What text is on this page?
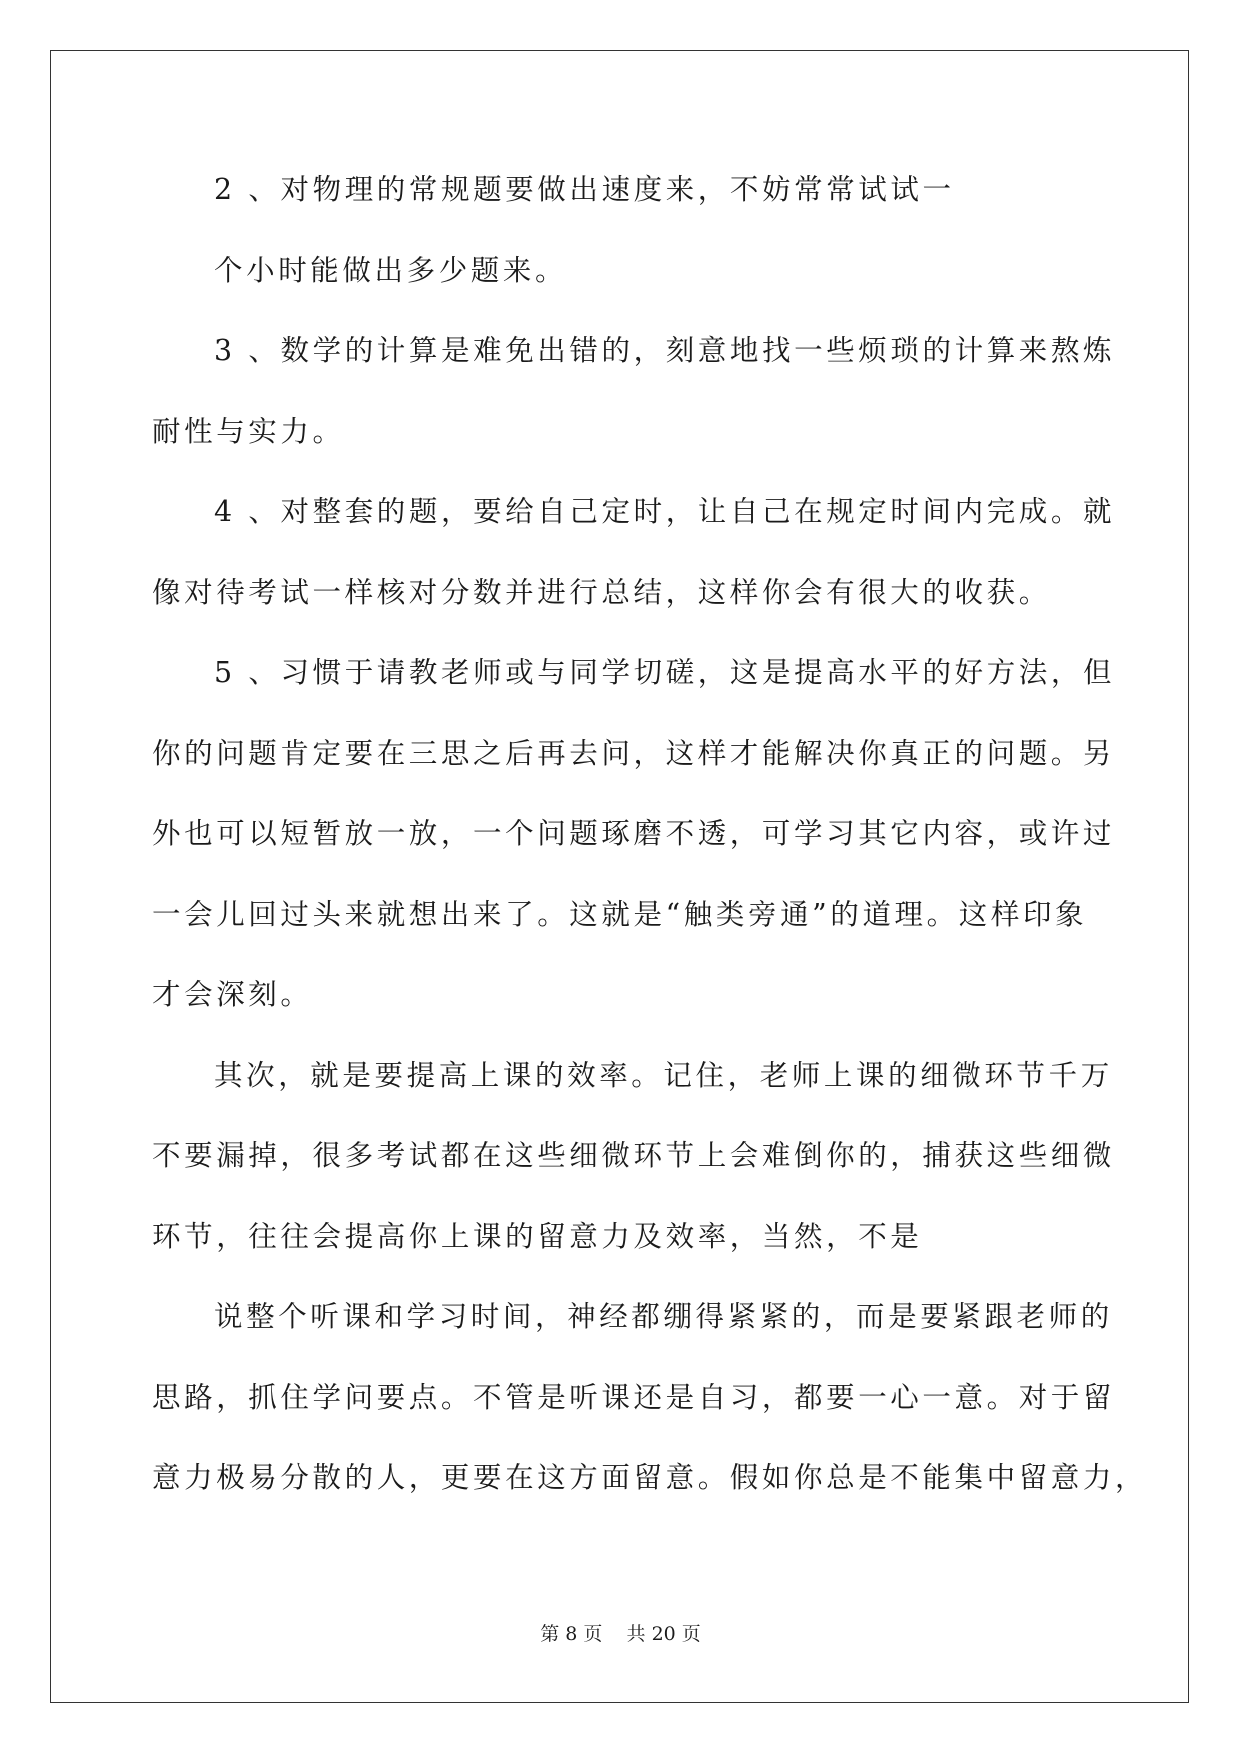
2 、对物理的常规题要做出速度来，不妨常常试试一
个小时能做出多少题来。
3 、数学的计算是难免出错的，刻意地找一些烦琐的计算来熬炼
耐性与实力。
4 、对整套的题，要给自己定时，让自己在规定时间内完成。就
像对待考试一样核对分数并进行总结，这样你会有很大的收获。
5 、习惯于请教老师或与同学切磋，这是提高水平的好方法，但
你的问题肯定要在三思之后再去问，这样才能解决你真正的问题。另
外也可以短暂放一放，一个问题琢磨不透，可学习其它内容，或许过
一会儿回过头来就想出来了。这就是“触类旁通”的道理。这样印象
才会深刻。
其次，就是要提高上课的效率。记住，老师上课的细微环节千万
不要漏掉，很多考试都在这些细微环节上会难倒你的，捕获这些细微
环节，往往会提高你上课的留意力及效率，当然，不是
说整个听课和学习时间，神经都绷得紧紧的，而是要紧跟老师的
思路，抓住学问要点。不管是听课还是自习，都要一心一意。对于留
意力极易分散的人，更要在这方面留意。假如你总是不能集中留意力，
第 8 页 共 20 页
